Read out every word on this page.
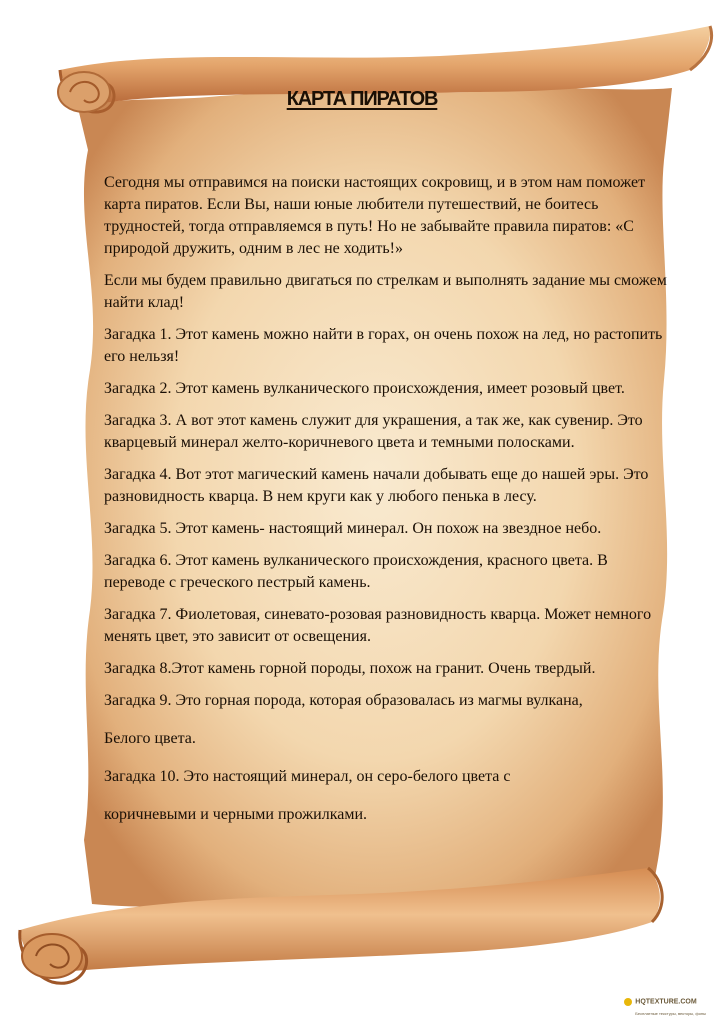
КАРТА ПИРАТОВ

Сегодня мы отправимся на поиски настоящих сокровищ, и в этом нам поможет карта пиратов. Если Вы, наши юные любители путешествий, не боитесь трудностей, тогда отправляемся в путь! Но не забывайте правила пиратов: «С природой дружить, одним в лес не ходить!»

Если мы будем правильно двигаться по стрелкам и выполнять задание мы сможем найти клад!

Загадка 1. Этот камень можно найти в горах, он очень похож на лед, но растопить его нельзя!

Загадка 2. Этот камень вулканического происхождения, имеет розовый цвет.

Загадка 3. А вот этот камень служит для украшения, а так же, как сувенир. Это кварцевый минерал желто-коричневого цвета и темными полосками.

Загадка 4. Вот этот магический камень начали добывать еще до нашей эры. Это разновидность кварца. В нем круги как у любого пенька в лесу.

Загадка 5. Этот камень- настоящий минерал. Он похож на звездное небо.

Загадка 6. Этот камень вулканического происхождения, красного цвета. В переводе с греческого пестрый камень.

Загадка 7. Фиолетовая, синевато-розовая разновидность кварца. Может немного менять цвет, это зависит от освещения.

Загадка 8.Этот камень горной породы, похож на гранит. Очень твердый.

Загадка 9. Это горная порода, которая образовалась из магмы вулкана,

Белого цвета.

Загадка 10. Это настоящий минерал, он серо-белого цвета с

коричневыми и черными прожилками.

HQTEXTURE.COM
Бесплатные текстуры, векторы, фоны
